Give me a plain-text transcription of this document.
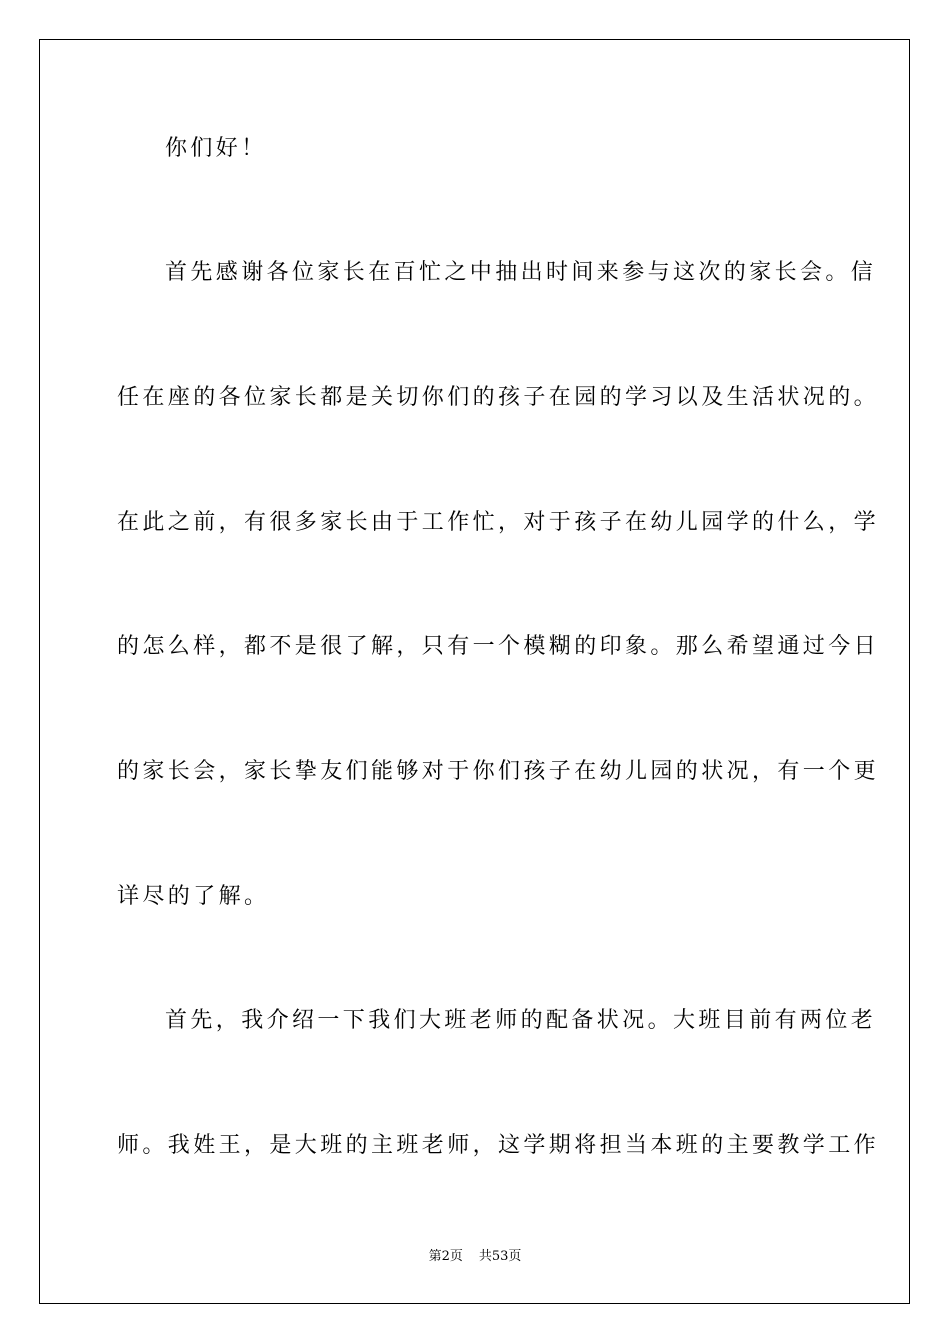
你们好！
首先感谢各位家长在百忙之中抽出时间来参与这次的家长会。信
任在座的各位家长都是关切你们的孩子在园的学习以及生活状况的。
在此之前，有很多家长由于工作忙，对于孩子在幼儿园学的什么，学
的怎么样，都不是很了解，只有一个模糊的印象。那么希望通过今日
的家长会，家长挚友们能够对于你们孩子在幼儿园的状况，有一个更
详尽的了解。
首先，我介绍一下我们大班老师的配备状况。大班目前有两位老
师。我姓王，是大班的主班老师，这学期将担当本班的主要教学工作
第2页 共53页
